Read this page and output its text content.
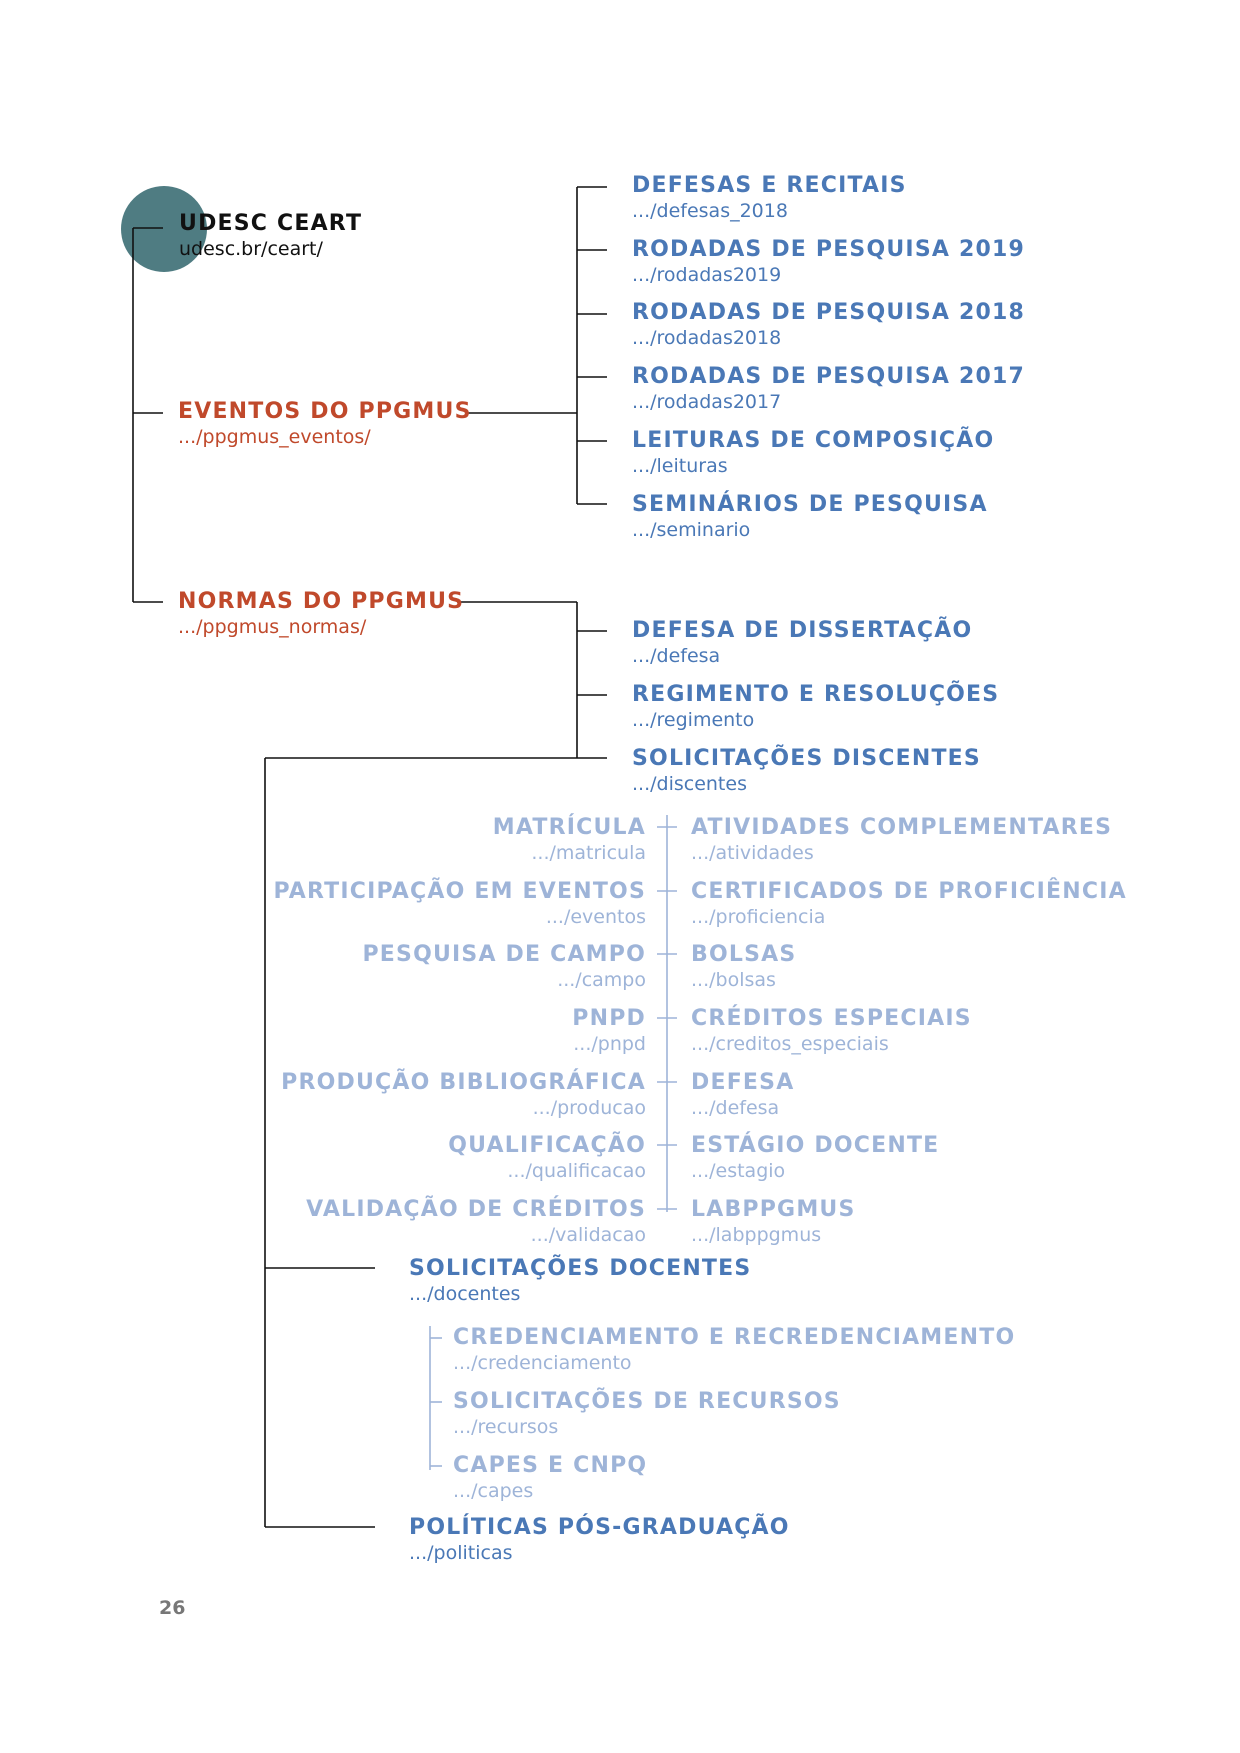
UDESC CEART
udesc.br/ceart/
EVENTOS DO PPGMUS
.../ppgmus_eventos/
DEFESAS E RECITAIS
.../defesas_2018
RODADAS DE PESQUISA 2019
.../rodadas2019
RODADAS DE PESQUISA 2018
.../rodadas2018
RODADAS DE PESQUISA 2017
.../rodadas2017
LEITURAS DE COMPOSIÇÃO
.../leituras
SEMINÁRIOS DE PESQUISA
.../seminario
NORMAS DO PPGMUS
.../ppgmus_normas/	DEFESA DE DISSERTAÇÃO
.../defesa
REGIMENTO E RESOLUÇÕES
.../regimento
SOLICITAÇÕES DISCENTES
.../discentes
MATRÍCULA
.../matricula
PARTICIPAÇÃO EM EVENTOS
.../eventos
PESQUISA DE CAMPO
.../campo
PNPD
.../pnpd
PRODUÇÃO BIBLIOGRÁFICA
.../producao
QUALIFICAÇÃO
.../qualificacao
VALIDAÇÃO DE CRÉDITOS
.../validacao
ATIVIDADES COMPLEMENTARES
.../atividades
CERTIFICADOS DE PROFICIÊNCIA
.../proficiencia
BOLSAS
.../bolsas
CRÉDITOS ESPECIAIS
.../creditos_especiais
DEFESA
.../defesa
ESTÁGIO DOCENTE
.../estagio
LABPPGMUS
.../labppgmus
SOLICITAÇÕES DOCENTES
.../docentes
CREDENCIAMENTO E RECREDENCIAMENTO
.../credenciamento
SOLICITAÇÕES DE RECURSOS
.../recursos
CAPES E CNPQ
.../capes
POLÍTICAS PÓS-GRADUAÇÃO
.../politicas
26
